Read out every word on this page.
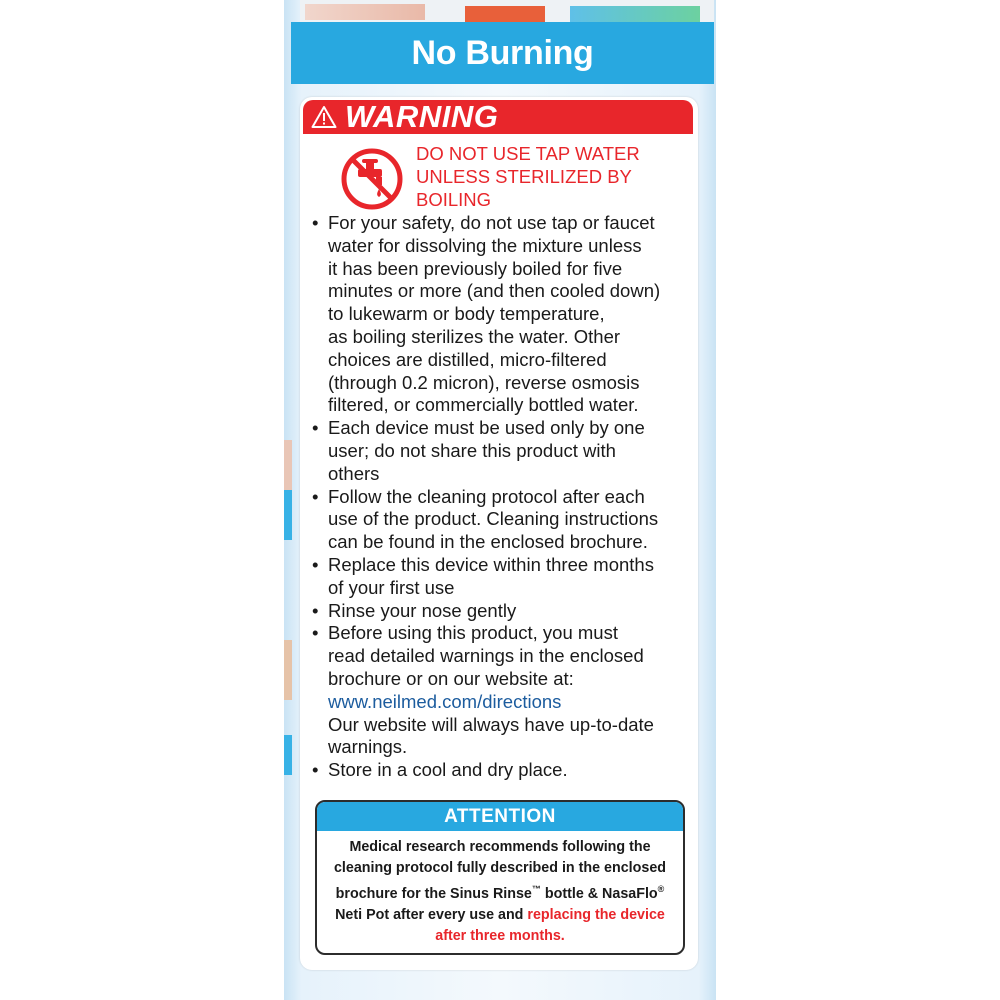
No Burning
WARNING
DO NOT USE TAP WATER
UNLESS STERILIZED BY
BOILING
• For your safety, do not use tap or faucet
water for dissolving the mixture unless
it has been previously boiled for five
minutes or more (and then cooled down)
to lukewarm or body temperature,
as boiling sterilizes the water. Other
choices are distilled, micro-filtered
(through 0.2 micron), reverse osmosis
filtered, or commercially bottled water.
• Each device must be used only by one
user; do not share this product with
others
• Follow the cleaning protocol after each
use of the product. Cleaning instructions
can be found in the enclosed brochure.
• Replace this device within three months
of your first use
• Rinse your nose gently
• Before using this product, you must
read detailed warnings in the enclosed
brochure or on our website at:
www.neilmed.com/directions
Our website will always have up-to-date
warnings.
• Store in a cool and dry place.
ATTENTION
Medical research recommends following the
cleaning protocol fully described in the enclosed
brochure for the Sinus Rinse™ bottle & NasaFlo®
Neti Pot after every use and replacing the device
after three months.
